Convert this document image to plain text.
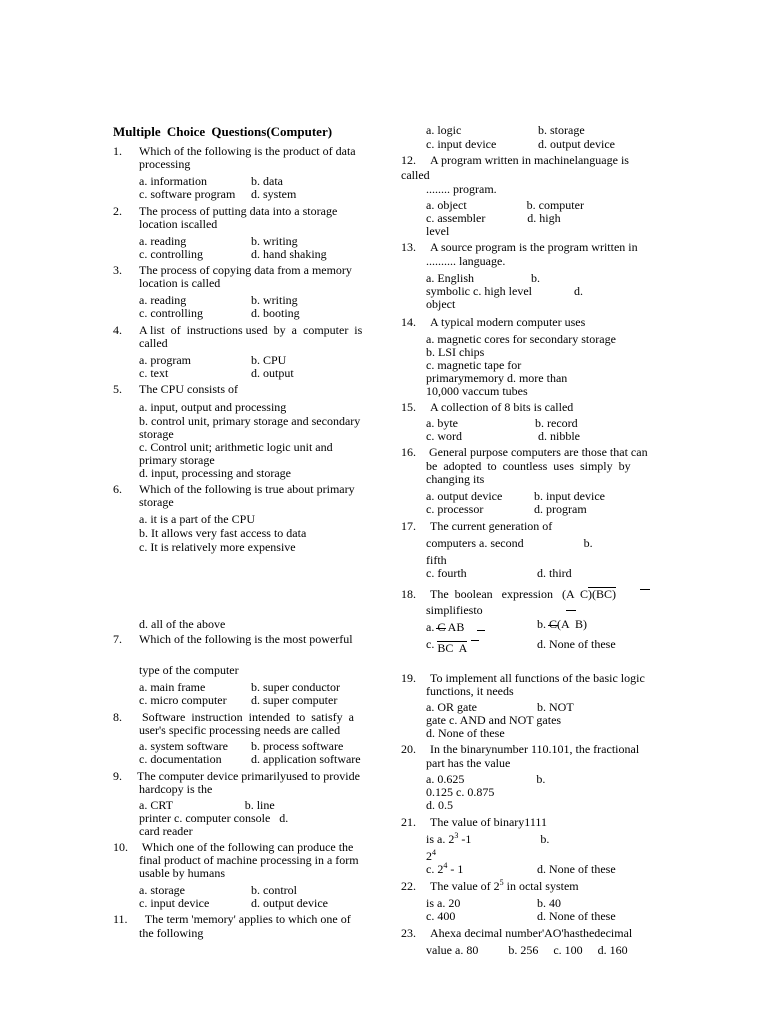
Multiple Choice Questions(Computer)

1. Which of the following is the product of data

processing

a. information	b. data

c. software program d. system

2. The process of putting data into a storage

location iscalled

a. reading	b. writing

c. controlling	d. hand shaking

3. The process of copying data from a memory

location is called

a. reading	b. writing

c. controlling	d. booting

4. A list  of  instructions used  by  a  computer  is

called

a. program	b. CPU

c. text	d. output

5. The CPU consists of

a. input, output and processing

b. control unit, primary storage and secondary

storage

c. Control unit; arithmetic logic unit and

primary storage

d. input, processing and storage

6. Which of the following is true about primary

storage

a. it is a part of the CPU

b. It allows very fast access to data

c. It is relatively more expensive

d. all of the above

7. Which of the following is the most powerful

type of the computer

a. main frame	b. super conductor

c. micro computer d. super computer

8. Software  instruction  intended  to  satisfy  a

user's specific processing needs are called

a. system software b. process software

c. documentation d. application software

9. The computer device primarilyused to provide

hardcopy is the

a. CRT                        b. line

printer c. computer console   d.

card reader

10. Which one of the following can produce the

final product of machine processing in a form

usable by humans

a. storage	b. control

c. input device	d. output device

11. The term 'memory' applies to which one of

the following

a. logic	b. storage

c. input device	d. output device

12. A program written in machinelanguage is

called

........ program.

a. object                    b. computer

c. assembler              d. high

level

13. A source program is the program written in

.......... language.

a. English                   b.

symbolic c. high level              d.

object

14. A typical modern computer uses

a. magnetic cores for secondary storage

b. LSI chips

c. magnetic tape for

primarymemory d. more than

10,000 vaccum tubes

15. A collection of 8 bits is called

a. byte	b. record

c. word	d. nibble

16. General purpose computers are those that can

be  adopted  to  countless  uses  simply  by

changing its

a. output device	b. input device

c. processor	d. program

17. The current generation of

computers a. second                    b.

fifth

c. fourth	d. third

18. The  boolean   expression   (A  C)(BC)

simplifiesto

a. C AB	b. C(A  B)

c. BC  A	d. None of these

19. To implement all functions of the basic logic

functions, it needs

a. OR gate                    b. NOT

gate c. AND and NOT gates

d. None of these

20. In the binarynumber 110.101, the fractional

part has the value

a. 0.625                        b.

0.125 c. 0.875

d. 0.5

21. The value of binary1111

is a. $2^3$ -1                       b.

$2^4$

c. $2^4 - 1$	d. None of these

22. The value of $2^5$ in octal system

is a. 20	b. 40

c. 400	d. None of these

23. Ahexa decimal number'AO'hasthedecimal

value a. 80          b. 256     c. 100     d. 160
